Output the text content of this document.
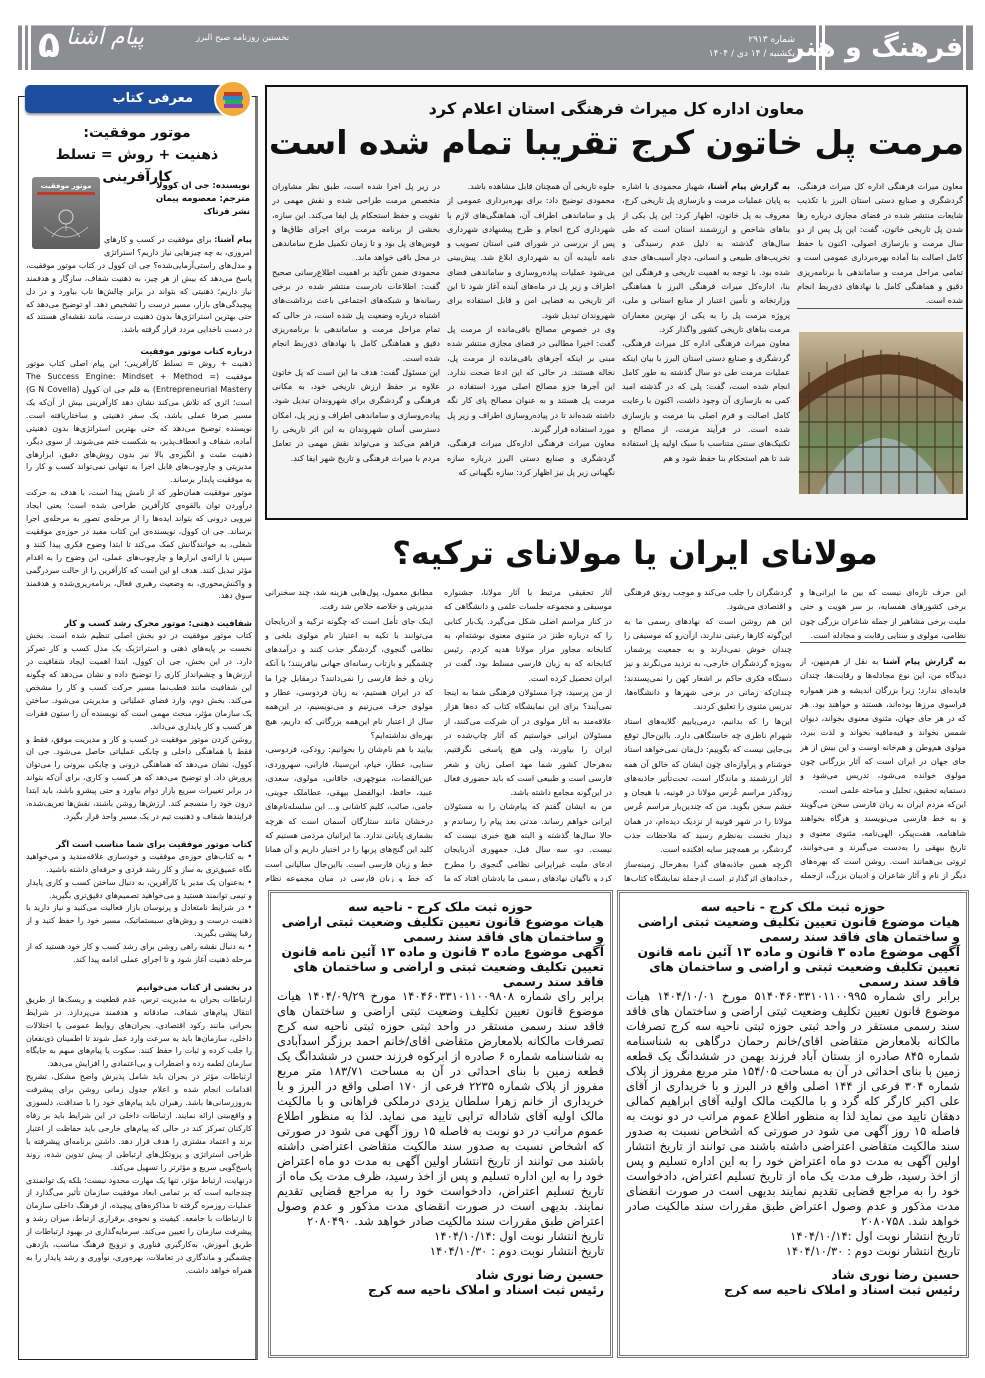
فرهنگ و هنر
شماره ۲۹۱۳
یکشنبه / ۱۴ دی / ۱۴۰۴
۵ پیام آشنا	نخستین روزنامه صبح البرز
معرفی کتاب
موتور موفقیت:
ذهنیت + روش = تسلط کارآفرینی
موتور موفقیت	نویسنده: جی ان کوولا
مترجم: معصومه پیمان
نشر فرتاک

پیام آشنا: برای موفقیت در کسب و کارهای امروزی، به چه چیزهایی نیاز داریم؟ استراتژی و مدل‌های راستی‌آزمایی‌شده؟ جی ان کوول در کتاب موتور موفقیت، پاسخ می‌دهد که بیش از هر چیز، به ذهنیت شفاف، سازگار و هدفمند نیاز داریم؛ ذهنیتی که بتواند در برابر چالش‌ها تاب بیاورد و در دل پیچیدگی‌های بازار، مسیر درست را تشخیص دهد. او توضیح می‌دهد که حتی بهترین استراتژی‌ها بدون ذهنیت درست، مانند نقشه‌ای هستند که در دست ناخدایی مردد قرار گرفته باشد.

درباره کتاب موتور موفقیت

ذهنیت + روش = تسلط کارآفرینی؛ این پیام اصلی کتاب موتور موفقیت (The Success Engine: Mindset + Method = Entrepreneurial Mastery) به قلم جی ان کوول (G N Covella) است؛ اثری که تلاش می‌کند نشان دهد کارآفرینی بیش از آن‌که یک مسیر صرفا عملی باشد، یک سفر ذهنیتی و ساختاریافته است. نویسنده توضیح می‌دهد که حتی بهترین استراتژی‌ها بدون ذهنیتی آماده، شفاف و انعطاف‌پذیر، به شکست ختم می‌شوند. از سوی دیگر، ذهنیت مثبت و انگیزه‌ی بالا نیز بدون روش‌های دقیق، ابزارهای مدیریتی و چارچوب‌های قابل اجرا به تنهایی نمی‌تواند کسب و کار را به موفقیت پایدار برساند.

موتور موفقیت همان‌طور که از نامش پیدا است، با هدف به حرکت درآوردن توان بالقوه‌ی کارآفرین طراحی شده است؛ یعنی ایجاد نیرویی درونی که بتواند ایده‌ها را از مرحله‌ی تصور به مرحله‌ی اجرا برساند. جی ان کوول، نویسنده‌ی این کتاب مفید در حوزه‌ی موفقیت شغلی، به خوانندگانش کمک می‌کند تا ابتدا وضوح فکری پیدا کنند و سپس با ارائه‌ی ابزارها و چارچوب‌های عملی، این وضوح را به اقدام مؤثر تبدیل کنند. هدف او این است که کارآفرین را از حالت سردرگمی و واکنش‌محوری، به وضعیت رهبری فعال، برنامه‌ریزی‌شده و هدفمند سوق دهد.

شفافیت ذهنی: موتور محرک رشد کسب و کار

کتاب موتور موفقیت در دو بخش اصلی تنظیم شده است. بخش نخست بر پایه‌های ذهنی و استراتژیک یک مدل کسب و کار تمرکز دارد. در این بخش، جی ان کوول، ابتدا اهمیت ایجاد شفافیت در ارزش‌ها و چشم‌انداز کاری را توضیح داده و نشان می‌دهد که چگونه این شفافیت مانند قطب‌نما مسیر حرکت کسب و کار را مشخص می‌کند. بخش دوم، وارد فضای عملیاتی و مدیریتی می‌شود. ساختن یک سازمان مؤثر، مبحث مهمی است که نویسنده آن را ستون فقرات هر کسب و کار پایداری می‌داند.

روشن کردن موتور موفقیت در کسب و کار و مدیریت موفق، فقط و فقط با هماهنگی داخلی و چابکی عملیاتی حاصل می‌شود. جی ان کوول، نشان می‌دهد که هماهنگی درونی و چابکی بیرونی را می‌توان پرورش داد. او توضیح می‌دهد که هر کسب و کاری، برای آن‌که بتواند در برابر تغییرات سریع بازار دوام بیاورد و حتی پیشرو باشد، باید ابتدا درون خود را منسجم کند. ارزش‌ها روشن باشند، نقش‌ها تعریف‌شده، فرایندها شفاف و ذهنیت تیم در یک مسیر واحد قرار بگیرد.

کتاب موتور موفقیت برای شما مناسب است اگر

• به کتاب‌های حوزه‌ی موفقیت و خودسازی علاقه‌مندید و می‌خواهید نگاه عمیق‌تری به ساز و کار رشد فردی و حرفه‌ای داشته باشید.

• به‌عنوان یک مدیر یا کارآفرین، به دنبال ساختن کسب و کاری پایدار و تیمی توانمند هستید و می‌خواهید تصمیم‌های دقیق‌تری بگیرید.

• در شرایط نامتعادل و پرنوسان بازار فعالیت می‌کنید و نیاز دارید با ذهنیت درست و روش‌های سیستماتیک، مسیر خود را حفظ کنید و از رقبا پیشی بگیرید.

• به دنبال نقشه راهی روشن برای رشد کسب و کار خود هستید که از مرحله ذهنیت آغاز شود و تا اجرای عملی ادامه پیدا کند.

در بخشی از کتاب می‌خوانیم

ارتباطات بحران به مدیریت ترس، عدم قطعیت و ریسک‌ها از طریق انتقال پیام‌های شفاف، صادقانه و هدفمند می‌پردازد. در شرایط بحرانی مانند رکود اقتصادی، بحران‌های روابط عمومی یا اختلالات داخلی، سازمان‌ها باید به سرعت وارد عمل شوند تا اطمینان ذی‌نفعان را جلب کرده و ثبات را حفظ کنند. سکوت یا پیام‌های مبهم به جایگاه سازمان لطمه زده و اضطراب و بی‌اعتمادی را افزایش می‌دهد.

ارتباطات مؤثر در بحران باید شامل پذیرش واضح مشکل، تشریح اقدامات انجام شده و اعلام جدول زمانی روشن برای پیشرفت به‌روزرسانی‌ها باشد. رهبران باید پیام‌های خود را با صداقت، دلسوزی و واقع‌بینی ارائه نمایند. ارتباطات داخلی در این شرایط باید بر رفاه کارکنان تمرکز کند در حالی که پیام‌های خارجی باید حفاظت از اعتبار برند و اعتماد مشتری را هدف قرار دهد. داشتن برنامه‌ای پیشرفته با طراحی استراتژی و پروتکل‌های ارتباطی از پیش تدوین شده، روند پاسخ‌گویی سریع و مؤثرتر را تسهیل می‌کند.

درنهایت، ارتباط مؤثر، تنها یک مهارت محدود نیست؛ بلکه یک توانمندی چندجانبه است که بر تمامی ابعاد موفقیت سازمان تأثیر می‌گذارد از عملیات روزمره گرفته تا مذاکره‌های پیچیده، از فرهنگ داخلی سازمان تا ارتباطات با جامعه. کیفیت و نحوه‌ی برقراری ارتباط، میزان رشد و پیشرفت سازمان را تعیین می‌کند. سرمایه‌گذاری در بهبود ارتباطات از طریق آموزش، به‌کارگیری فناوری و ترویج فرهنگ مناسب، بازدهی چشمگیر و ماندگاری در تعاملات، بهره‌وری، نوآوری و رشد پایدار را به همراه خواهد داشت.

معاون اداره کل میراث فرهنگی استان اعلام کرد
مرمت پل خاتون کرج تقریبا تمام شده است

معاون میراث فرهنگی اداره کل میراث فرهنگی، گردشگری و صنایع دستی استان البرز با تکذیب شایعات منتشر شده در فضای مجازی درباره رها شدن پل تاریخی خاتون، گفت: این پل پس از دو سال مرمت و بازسازی اصولی، اکنون با حفظ کامل اصالت بنا آماده بهره‌برداری عمومی است و تمامی مراحل مرمت و ساماندهی با برنامه‌ریزی دقیق و هماهنگی کامل با نهادهای ذی‌ربط انجام شده است.

به گزارش پیام آشنا، شهباز محمودی با اشاره به پایان عملیات مرمت و بازسازی پل تاریخی کرج، معروف به پل خاتون، اظهار کرد: این پل یکی از بناهای شاخص و ارزشمند استان است که طی سال‌های گذشته به دلیل عدم رسیدگی و تخریب‌های طبیعی و انسانی، دچار آسیب‌های جدی شده بود. با توجه به اهمیت تاریخی و فرهنگی این بنا، اداره‌کل میراث فرهنگی البرز با هماهنگی وزارتخانه و تأمین اعتبار از منابع استانی و ملی، پروژه مرمت پل را به یکی از بهترین معماران مرمت بناهای تاریخی کشور واگذار کرد.

معاون میراث فرهنگی اداره کل میراث فرهنگی، گردشگری و صنایع دستی استان البرز با بیان اینکه عملیات مرمت طی دو سال گذشته به طور کامل انجام شده است، گفت: پلی که در گذشته امید کمی به بازسازی آن وجود داشت، اکنون با رعایت کامل اصالت و فرم اصلی بنا مرمت و بازسازی شده است. در فرآیند مرمت، از مصالح و تکنیک‌های سنتی متناسب با سبک اولیه پل استفاده شد تا هم استحکام بنا حفظ شود و هم

جلوه تاریخی آن همچنان قابل مشاهده باشد.

محمودی توضیح داد: برای بهره‌برداری عمومی از پل و ساماندهی اطراف آن، هماهنگی‌های لازم با شهرداری کرج انجام و طرح پیشنهادی شهرداری پس از بررسی در شورای فنی استان تصویب و نامه تأییدیه آن به شهرداری ابلاغ شد. پیش‌بینی می‌شود عملیات پیاده‌روسازی و ساماندهی فضای اطراف و زیر پل در ماه‌های آینده آغاز شود تا این اثر تاریخی به فضایی امن و قابل استفاده برای شهروندان تبدیل شود.

وی در خصوص مصالح باقی‌مانده از مرمت پل گفت: اخیرا مطالبی در فضای مجازی منتشر شده مبنی بر اینکه آجرهای باقی‌مانده از مرمت پل، نخاله هستند. در حالی که این ادعا صحت ندارد. این آجرها جزو مصالح اصلی مورد استفاده در مرمت پل هستند و به عنوان مصالح پای کار نگه داشته شده‌اند تا در پیاده‌روسازی اطراف و زیر پل مورد استفاده قرار گیرند.

معاون میراث فرهنگی اداره‌کل میراث فرهنگی، گردشگری و صنایع دستی البرز درباره سازه نگهبانی زیر پل نیز اظهار کرد: سازه نگهبانی که

در زیر پل اجرا شده است، طبق نظر مشاوران متخصص مرمت طراحی شده و نقش مهمی در تقویت و حفظ استحکام پل ایفا می‌کند. این سازه، بخشی از برنامه مرمت برای اجرای طاق‌ها و قوس‌های پل بود و تا زمان تکمیل طرح ساماندهی در محل باقی خواهد ماند.

محمودی ضمن تأکید بر اهمیت اطلاع‌رسانی صحیح گفت: اطلاعات نادرست منتشر شده در برخی رسانه‌ها و شبکه‌های اجتماعی باعث برداشت‌های اشتباه درباره وضعیت پل شده است، در حالی که تمام مراحل مرمت و ساماندهی با برنامه‌ریزی دقیق و هماهنگی کامل با نهادهای ذی‌ربط انجام شده است.

این مسئول گفت: هدف ما این است که پل خاتون علاوه بر حفظ ارزش تاریخی خود، به مکانی فرهنگی و گردشگری برای شهروندان تبدیل شود. پیاده‌روسازی و ساماندهی اطراف و زیر پل، امکان دسترسی آسان شهروندان به این اثر تاریخی را فراهم می‌کند و می‌تواند نقش مهمی در تعامل مردم با میراث فرهنگی و تاریخ شهر ایفا کند.

مولانای ایران یا مولانای ترکیه؟

این حرف تازه‌ای نیست که بین ما ایرانی‌ها و برخی کشورهای همسایه، بر سر هویت و حتی ملیت برخی مشاهیر از جمله شاعران بزرگی چون نظامی، مولوی و سنایی رقابت و مجادله است.

به گزارش پیام آشنا به نقل از هم‌میهن، از دیدگاه من، این نوع مجادله‌ها و رقابت‌ها، چندان فایده‌ای ندارد؛ زیرا بزرگان اندیشه و هنر همواره فراسوی مرزها بوده‌اند، هستند و خواهند بود. هر که در هر جای جهان، مثنوی معنوی بخواند، دیوان شمس بخواند و فیه‌مافیه بخواند و لذت ببرد، مولوی هم‌وطن و هم‌خانه اوست و این بیش از هر جای جهان در ایران است که آثار بزرگانی چون مولوی خوانده می‌شود، تدریس می‌شود و دستمایه تحقیق، تحلیل و مباحثه علمی است.

این‌که مردم ایران به زبان فارسی سخن می‌گویند و به خط فارسی می‌نویسند و هرگاه بخواهند شاهنامه، هفت‌پیکر، الهی‌نامه، مثنوی معنوی و تاریخ بیهقی را به‌دست می‌گیرند و می‌خوانند، ثروتی بی‌همانند است. روشن است که بهره‌های دیگر از نام و آثار شاعران و ادیبان بزرگ، ازجمله

گردشگران را جلب می‌کند و موجب رونق فرهنگی و اقتصادی می‌شود.

این هم روشن است که نهادهای رسمی ما به این‌گونه کارها رغبتی ندارند، ازآن‌رو که موسیقی را چندان خوش نمی‌دارند و به جمعیت پرشمار، به‌ویژه گردشگران خارجی، به تردید می‌نگرند و نیز دستگاه فکری حاکم بر اشعار کهن را نمی‌پسندند؛ چندان‌که زمانی در برخی شهرها و دانشگاه‌ها، تدریس مثنوی را تعلیق کردند.

این‌ها را که بدانیم، درمی‌یابیم گلایه‌های استاد شهرام ناظری چه خاستگاهی دارد. بااین‌حال توقع بی‌جایی نیست که بگوییم: دل‌مان نمی‌خواهد استاد خوشنام و پرآوازه‌ای چون ایشان که خالق آن همه آثار ارزشمند و ماندگار است، تحت‌تأثیر جاذبه‌های زودگذر مراسم عُرس مولانا در قونیه، با هیجان و خشم سخن بگوید. من که چندین‌بار مراسم عُرس مولانا را در شهر قونیه از نزدیک دیده‌ام، در همان دیدار نخست به‌نظرم رسید که ملاحظات جذب گردشگر، بر همه‌چیز سایه افکنده است.

اگرچه همین جاذبه‌های گذرا به‌هرحال زمینه‌ساز رخدادهای اثرگذارتر است ازجمله نمایشگاه کتاب‌ها

آثار تحقیقی مرتبط با آثار مولانا، جشنواره موسیقی و مجموعه جلسات علمی و دانشگاهی که در کنار مراسم اصلی شکل می‌گیرد. یک‌بار کتابی را که درباره طنز در مثنوی معنوی نوشته‌ام، به کتابخانه مجاور مزار مولانا هدیه کردم. رئیس کتابخانه که به زبان فارسی مسلط بود، گفت در ایران تحصیل کرده است.

از من پرسید، چرا مسئولان فرهنگی شما به اینجا نمی‌آیند؟ برای این نمایشگاه کتاب که ده‌ها هزار علاقه‌مند به آثار مولوی در آن شرکت می‌کنند، از مسئولان ایرانی خواستیم که آثار چاپ‌شده در ایران را بیاورند، ولی هیچ پاسخی نگرفتیم. به‌هرحال کشور شما مهد اصلی زبان و شعر فارسی است و طبیعی است که باید حضوری فعال در این‌گونه مجامع داشته باشد.

من به ایشان گفتم که پیام‌شان را به مسئولان ایرانی خواهم رساند. مدتی بعد پیام را رساندم و حالا سال‌ها گذشته و البته هیچ خبری نیست که نیست. دو، سه سال قبل، جمهوری آذربایجان ادعای ملیت غیرایرانی نظامی گنجوی را مطرح کرد و ناگهان نهادهای رسمی ما یادشان افتاد که ما

مطابق معمول، پول‌هایی هزینه شد، چند سخنرانی مدیریتی و خلاصه خلاص شد رفت.

اینک جای تأمل است که چگونه ترکیه و آذربایجان می‌توانند با تکیه به اعتبار نام مولوی بلخی و نظامی گنجوی، گردشگر جذب کنند و درآمدهای چشمگیر و بازتاب رسانه‌ای جهانی بیافرینند؛ با آنکه زبان و خط فارسی را نمی‌دانند؟ درمقابل چرا ما که در ایران هستیم، به زبان فردوسی، عطار و مولوی حرف می‌زنیم و می‌نویسیم، در این‌همه سال از اعتبار نام این‌همه بزرگانی که داریم، هیچ بهره‌ای نداشته‌ایم؟

بیایید با هم نام‌شان را بخوانیم: رودکی، فردوسی، سنایی، عطار، خیام، ابن‌سینا، فارابی، سهروردی، عین‌القضات، منوچهری، خاقانی، مولوی، سعدی، عبید، حافظ، ابوالفضل بیهقی، عطاملک جوینی، جامی، صائب، کلیم کاشانی و... این سلسله‌نام‌های درخشان مانند ستارگان آسمان است که هرچه بشماری پایانی ندارد. ما ایرانیان مردمی هستیم که کلید این گنج‌های پربها را در اختیار داریم و آن همانا خط و زبان فارسی است. بااین‌حال سالیانی است که خط و زبان فارسی در میان مجموعه نظام

حوزه ثبت ملک کرج - ناحیه سه
هیات موضوع قانون تعیین تکلیف وضعیت ثبتی اراضی و ساختمان های فاقد سند رسمی
آگهی موضوع ماده ۳ قانون و ماده ۱۳ آئین نامه قانون تعیین تکلیف وضعیت ثبتی و اراضی و ساختمان های فاقد سند رسمی
برابر رای شماره ۵۱۴۰۴۶۰۳۳۱۰۱۱۰۰۹۹۵ مورخ ۱۴۰۴/۱۰/۰۱ هیات موضوع قانون تعیین تکلیف وضعیت ثبتی اراضی و ساختمان های فاقد سند رسمی مستقر در واحد ثبتی حوزه ثبتی ناحیه سه کرج تصرفات مالکانه بلامعارض متقاضی اقای/خانم رحمان درگاهی به شناسنامه شماره ۸۴۵ صادره از بستان آباد فرزند بهمن در ششدانگ یک قطعه زمین با بنای احداثی در آن به مساحت ۱۵۴/۰۵ متر مربع مفروز از پلاک شماره ۳۰۴ فرعی از ۱۴۴ اصلی واقع در البرز و با خریداری از آقای علی اکبر کارگر کله گرد و با مالکیت مالک اولیه آقای ابراهیم کمالی دهقان تایید می نماید لذا به منظور اطلاع عموم مراتب در دو نوبت به فاصله ۱۵ روز آگهی می شود در صورتی که اشخاص نسبت به صدور سند مالکیت متقاضی اعتراضی داشته باشند می توانند از تاریخ انتشار اولین آگهی به مدت دو ماه اعتراض خود را به این اداره تسلیم و پس از اخذ رسید، ظرف مدت یک ماه از تاریخ تسلیم اعتراض، دادخواست خود را به مراجع قضایی تقدیم نمایند بدیهی است در صورت انقضای مدت مذکور و عدم وصول اعتراض طبق مقررات سند مالکیت صادر خواهد شد. ۲۰۸۰۷۵۸
تاریخ انتشار نوبت اول :۱۴۰۴/۱۰/۱۴
تاریخ انتشار نوبت دوم : ۱۴۰۴/۱۰/۳۰
حسین رضا نوری شاد
رئیس ثبت اسناد و املاک ناحیه سه کرج
حوزه ثبت ملک کرج - ناحیه سه
هیات موضوع قانون تعیین تکلیف وضعیت ثبتی اراضی و ساختمان های فاقد سند رسمی
آگهی موضوع ماده ۳ قانون و ماده ۱۳ آئین نامه قانون تعیین تکلیف وضعیت ثبتی و اراضی و ساختمان های فاقد سند رسمی
برابر رای شماره ۱۴۰۴۶۰۳۳۱۰۱۱۰۰۹۸۰۸ مورخ ۱۴۰۴/۰۹/۲۹ هیات موضوع قانون تعیین تکلیف وضعیت ثبتی اراضی و ساختمان های فاقد سند رسمی مستقر در واحد ثبتی حوزه ثبتی ناحیه سه کرج تصرفات مالکانه بلامعارض متقاضی اقای/خانم احمد برزگر اسدآبادی به شناسنامه شماره ۶ صادره از ابرکوه فرزند حسن در ششدانگ یک قطعه زمین با بنای احداثی در آن به مساحت ۱۸۳/۷۱ متر مربع مفروز از پلاک شماره ۲۲۳۵ فرعی از ۱۷۰ اصلی واقع در البرز و با خریداری از خانم زهرا سلطان یزدی درملکی فراهانی و با مالکیت مالک اولیه آقای شاداله ترابی تایید می نماید. لذا به منظور اطلاع عموم مراتب در دو نوبت به فاصله ۱۵ روز آگهی می شود در صورتی که اشخاص نسبت به صدور سند مالکیت متقاضی اعتراضی داشته باشند می توانند از تاریخ انتشار اولین آگهی به مدت دو ماه اعتراض خود را به این اداره تسلیم و پس از اخذ رسید، ظرف مدت یک ماه از تاریخ تسلیم اعتراض، دادخواست خود را به مراجع قضایی تقدیم نمایند. بدیهی است در صورت انقضای مدت مذکور و عدم وصول اعتراض طبق مقررات سند مالکیت صادر خواهد شد. ۲۰۸۰۴۹۰
تاریخ انتشار نوبت اول :۱۴۰۴/۱۰/۱۴
تاریخ انتشار نوبت دوم : ۱۴۰۴/۱۰/۳۰
حسین رضا نوری شاد
رئیس ثبت اسناد و املاک ناحیه سه کرج
